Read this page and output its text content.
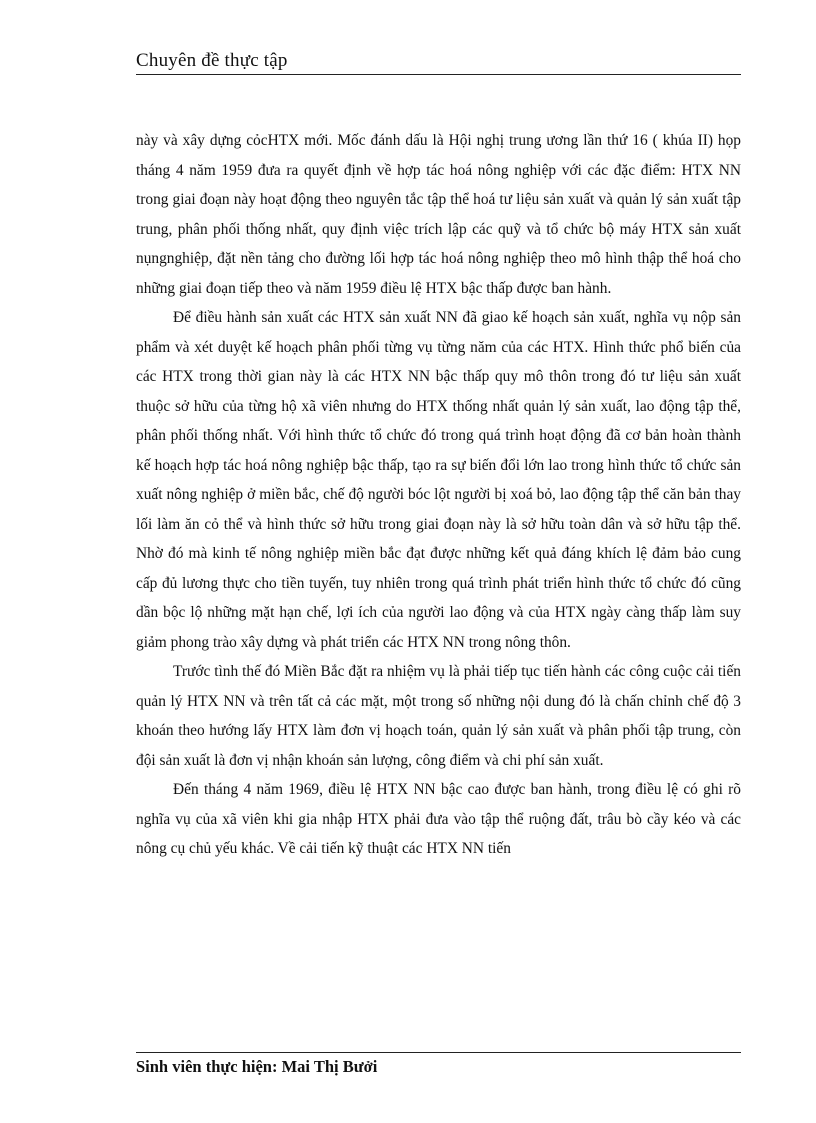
Chuyên đề thực tập

này và xây dựng cỏcHTX mới. Mốc đánh dấu là Hội nghị trung ương lần thứ 16 ( khúa II) họp tháng 4 năm 1959 đưa ra quyết định về hợp tác hoá nông nghiệp với các đặc điểm: HTX NN trong giai đoạn này hoạt động theo nguyên tắc tập thể hoá tư liệu sản xuất và quản lý sản xuất tập trung, phân phối thống nhất, quy định việc trích lập các quỹ và tổ chức bộ máy HTX sản xuất nụngnghiệp, đặt nền tảng cho đường lối hợp tác hoá nông nghiệp theo mô hình thập thể hoá cho những giai đoạn tiếp theo và năm 1959 điều lệ HTX bậc thấp được ban hành.

Để điều hành sản xuất các HTX sản xuất NN đã giao kế hoạch sản xuất, nghĩa vụ nộp sản phẩm và xét duyệt kế hoạch phân phối từng vụ từng năm của các HTX. Hình thức phổ biến của các HTX trong thời gian này là các HTX NN bậc thấp quy mô thôn trong đó tư liệu sản xuất thuộc sở hữu của từng hộ xã viên nhưng do HTX thống nhất quản lý sản xuất, lao động tập thể, phân phối thống nhất. Với hình thức tổ chức đó trong quá trình hoạt động đã cơ bản hoàn thành kế hoạch hợp tác hoá nông nghiệp bậc thấp, tạo ra sự biến đổi lớn lao trong hình thức tổ chức sản xuất nông nghiệp ở miền bắc, chế độ người bóc lột người bị xoá bỏ, lao động tập thể căn bản thay lối làm ăn cỏ thể và hình thức sở hữu trong giai đoạn này là sở hữu toàn dân và sở hữu tập thể. Nhờ đó mà kinh tế nông nghiệp miền bắc đạt được những kết quả đáng khích lệ đảm bảo cung cấp đủ lương thực cho tiền tuyến, tuy nhiên trong quá trình phát triển hình thức tổ chức đó cũng dần bộc lộ những mặt hạn chế, lợi ích của người lao động và của HTX ngày càng thấp làm suy giảm phong trào xây dựng và phát triển các HTX NN trong nông thôn.

Trước tình thế đó Miền Bắc đặt ra nhiệm vụ là phải tiếp tục tiến hành các công cuộc cải tiến quản lý HTX NN và trên tất cả các mặt, một trong số những nội dung đó là chấn chỉnh chế độ 3 khoán theo hướng lấy HTX làm đơn vị hoạch toán, quản lý sản xuất và phân phối tập trung, còn đội sản xuất là đơn vị nhận khoán sản lượng, công điểm và chi phí sản xuất.

Đến tháng 4 năm 1969, điều lệ HTX NN bậc cao được ban hành, trong điều lệ có ghi rõ nghĩa vụ của xã viên khi gia nhập HTX phải đưa vào tập thể ruộng đất, trâu bò cầy kéo và các nông cụ chủ yếu khác. Về cải tiến kỹ thuật các HTX NN tiến

Sinh viên thực hiện: Mai Thị Bưởi
